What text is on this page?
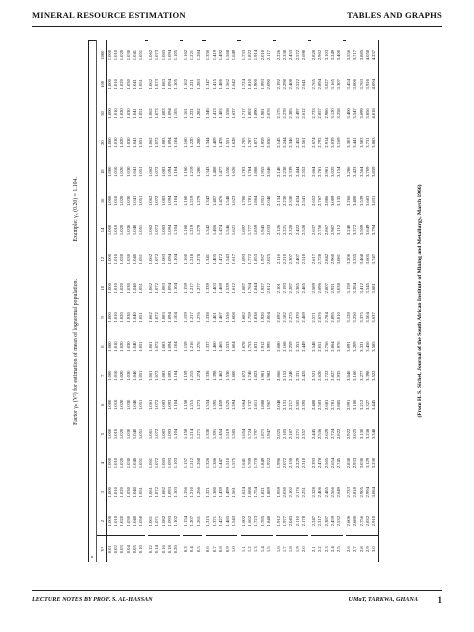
MINERAL RESOURCE ESTIMATION	TABLES AND GRAPHS
Factor γₙ (V²) for estimation of mean of lognormal population. Example: γ₅ (0.20) = 1.104.
n																	
V²	2	3	4	5	6	7	8	9	10	12	14	16	18	20	50	100	1000
0.01	1.000	1.000	1.000	1.000	1.000	1.000	1.000	1.000	1.000	1.000	1.000	1.000	1.000	1.000	1.000	1.000	1.000
0.02	1.010	1.010	1.010	1.010	1.010	1.010	1.010	1.010	1.010	1.010	1.010	1.010	1.010	1.010	1.010	1.010	1.010
0.03	1.020	1.020	1.020	1.020	1.020	1.020	1.020	1.020	1.020	1.020	1.020	1.020	1.020	1.020	1.020	1.020	1.020
0.04	1.030	1.030	1.030	1.030	1.030	1.030	1.030	1.030	1.030	1.030	1.030	1.030	1.030	1.030	1.030	1.030	1.030
0.05	1.040	1.040	1.040	1.040	1.040	1.040	1.040	1.040	1.040	1.040	1.040	1.041	1.041	1.041	1.041	1.041	1.041
0.10	1.050	1.051	1.051	1.051	1.051	1.051	1.051	1.051	1.051	1.051	1.051	1.051	1.051	1.051	1.051	1.051	1.051

0.12	1.061	1.061	1.061	1.061	1.061	1.061	1.061	1.062	1.062	1.062	1.062	1.062	1.062	1.062	1.062	1.062	1.062
0.14	1.071	1.072	1.072	1.072	1.072	1.072	1.072	1.072	1.072	1.072	1.072	1.072	1.072	1.072	1.073	1.073	1.073
0.16	1.082	1.082	1.083	1.083	1.083	1.083	1.083	1.083	1.083	1.083	1.083	1.083	1.083	1.083	1.083	1.083	1.083
0.18	1.093	1.093	1.093	1.093	1.093	1.093	1.094	1.094	1.094	1.094	1.094	1.094	1.094	1.094	1.094	1.094	1.094
0.20	1.102	1.103	1.103	1.104	1.104	1.104	1.104	1.104	1.104	1.104	1.104	1.104	1.104	1.104	1.105	1.105	1.105

0.3	1.154	1.156	1.157	1.158	1.158	1.159	1.159	1.159	1.159	1.160	1.160	1.160	1.160	1.160	1.161	1.162	1.162
0.4	1.207	1.210	1.212	1.214	1.215	1.215	1.216	1.217	1.217	1.218	1.219	1.219	1.219	1.220	1.221	1.221	1.221
0.5	1.261	1.266	1.268	1.271	1.273	1.274	1.276	1.276	1.277	1.278	1.279	1.279	1.280	1.280	1.282	1.283	1.284

0.6	1.315	1.321	1.326	1.330	1.334	1.336	1.337	1.338	1.339	1.341	1.342	1.342	1.343	1.344	1.346	1.347	1.350
0.7	1.371	1.380	1.386	1.391	1.395	1.398	1.400	1.401	1.403	1.405	1.406	1.407	1.408	1.409	1.413	1.415	1.419
0.8	1.427	1.439	1.447	1.454	1.459	1.462	1.465	1.467	1.469	1.472	1.474	1.476	1.477	1.478	1.483	1.486	1.492
0.9	1.485	1.499	1.510	1.519	1.525	1.530	1.533	1.536	1.539	1.543	1.546	1.548	1.550	1.551	1.558	1.562	1.568
1.0	1.543	1.561	1.575	1.585	1.594	1.600	1.604	1.608	1.612	1.617	1.621	1.623	1.626	1.628	1.637	1.642	1.649

1.1	1.602	1.624	1.641	1.654	1.664	1.672	1.678	1.682	1.687	1.693	1.697	1.700	1.703	1.705	1.717	1.724	1.733
1.2	1.662	1.688	1.709	1.724	1.737	1.746	1.753	1.759	1.764	1.772	1.777	1.781	1.784	1.787	1.802	1.810	1.822
1.3	1.723	1.754	1.778	1.797	1.811	1.823	1.831	1.838	1.844	1.853	1.859	1.864	1.868	1.871	1.890	1.900	1.914
1.4	1.785	1.821	1.849	1.871	1.888	1.901	1.912	1.920	1.927	1.937	1.945	1.951	1.955	1.959	1.981	1.993	2.010
1.5	1.848	1.889	1.922	1.947	1.967	1.982	1.995	2.004	2.012	2.025	2.033	2.040	2.046	2.050	2.076	2.090	2.117

1.6	1.912	1.959	1.996	2.025	2.048	2.066	2.080	2.092	2.101	2.116	2.126	2.134	2.140	2.145	2.175	2.192	2.226
1.7	1.977	2.030	2.072	2.105	2.131	2.152	2.168	2.182	2.193	2.210	2.221	2.230	2.238	2.244	2.278	2.298	2.338
1.8	2.043	2.102	2.150	2.187	2.217	2.240	2.259	2.275	2.287	2.307	2.320	2.330	2.339	2.346	2.385	2.408	2.453
1.9	2.110	2.176	2.229	2.271	2.305	2.331	2.353	2.370	2.385	2.407	2.422	2.434	2.444	2.452	2.497	2.522	2.572
2.0	2.178	2.251	2.310	2.357	2.395	2.425	2.449	2.469	2.485	2.510	2.528	2.541	2.552	2.561	2.612	2.641	2.698

2.1	2.247	2.328	2.393	2.445	2.488	2.521	2.548	2.571	2.589	2.617	2.637	2.652	2.664	2.674	2.733	2.765	2.828
2.2	2.317	2.406	2.478	2.536	2.583	2.620	2.651	2.676	2.696	2.728	2.750	2.767	2.781	2.792	2.857	2.894	2.962
2.3	2.387	2.485	2.565	2.629	2.681	2.722	2.756	2.784	2.807	2.842	2.867	2.886	2.901	2.914	2.986	3.027	3.103
2.4	2.459	2.566	2.654	2.724	2.781	2.827	2.864	2.895	2.921	2.960	2.987	3.009	3.025	3.039	3.120	3.165	3.249
2.5	2.532	2.649	2.745	2.822	2.885	2.935	2.976	3.010	3.038	3.081	3.112	3.135	3.154	3.169	3.258	3.307	3.400

2.6	2.606	2.733	2.838	2.922	2.991	3.046	3.091	3.128	3.159	3.206	3.240	3.266	3.286	3.303	3.400	3.454	3.556
2.7	2.680	2.818	2.933	3.025	3.100	3.160	3.209	3.250	3.284	3.335	3.372	3.400	3.423	3.441	3.547	3.606	3.717
2.8	2.756	2.905	3.030	3.130	3.212	3.277	3.331	3.375	3.412	3.468	3.509	3.539	3.564	3.583	3.699	3.763	3.885
2.9	2.832	2.994	3.129	3.238	3.327	3.398	3.456	3.504	3.545	3.605	3.649	3.683	3.709	3.731	3.856	3.926	4.058
3.0	2.910	3.084	3.230	3.348	3.445	3.522	3.585	3.637	3.681	3.747	3.794	3.831	3.859	3.883	4.018	4.094	4.237
(From H. S. Sichel, Journal of the South African Institute of Mining and Metallurgy, March 1966)
LECTURE NOTES BY PROF. S. AL-HASSAN	UMaT, TARKWA, GHANA 1
